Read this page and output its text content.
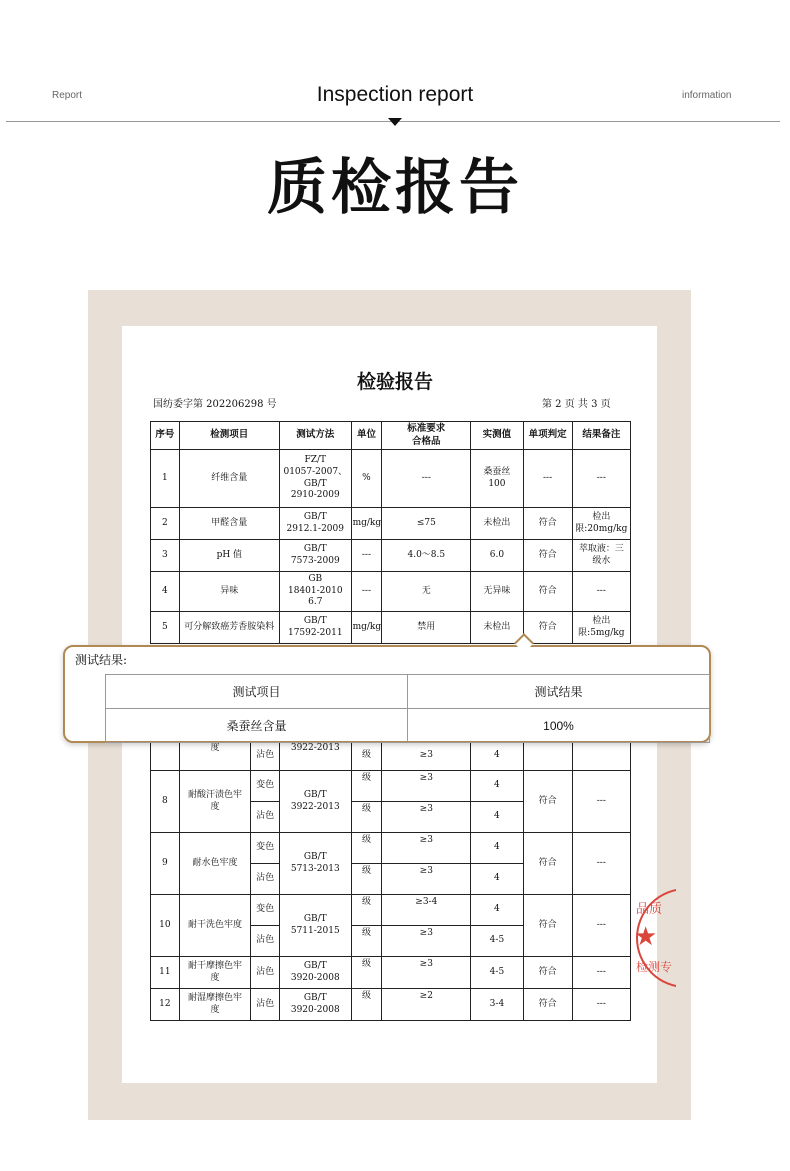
Report	Inspection report	information
质检报告
品质
★
检测专
检验报告
国纺委字第 202206298 号	第 2 页 共 3 页
序号	检测项目	测试方法	单位	标准要求
合格品	实测值	单项判定	结果备注
1	纤维含量	FZ/T
01057-2007、
GB/T
2910-2009	%	---	桑蚕丝
100	---	---
2	甲醛含量	GB/T
2912.1-2009	mg/kg	≤75	未检出	符合	检出
限:20mg/kg
3	pH 值	GB/T
7573-2009	---	4.0～8.5	6.0	符合	萃取液：三
级水
4	异味	GB
18401-2010
6.7	---	无	无异味	符合	---
5	可分解致癌芳香胺染料	GB/T
17592-2011	mg/kg	禁用	未检出	符合	检出
限:5mg/kg
	度	沾色	3922-2013	级	≥3	4		
8	耐酸汗渍色牢
度	变色	GB/T
3922-2013	级	≥3	4	符合	---
		沾色		级	≥3	4		
9	耐水色牢度	变色	GB/T
5713-2013	级	≥3	4	符合	---
		沾色		级	≥3	4		
10	耐干洗色牢度	变色	GB/T
5711-2015	级	≥3-4	4	符合	---
		沾色		级	≥3	4-5		
11	耐干摩擦色牢
度	沾色	GB/T
3920-2008	级	≥3	4-5	符合	---
12	耐湿摩擦色牢
度	沾色	GB/T
3920-2008	级	≥2	3-4	符合	---
测试结果:
测试项目	测试结果
桑蚕丝含量	100%
